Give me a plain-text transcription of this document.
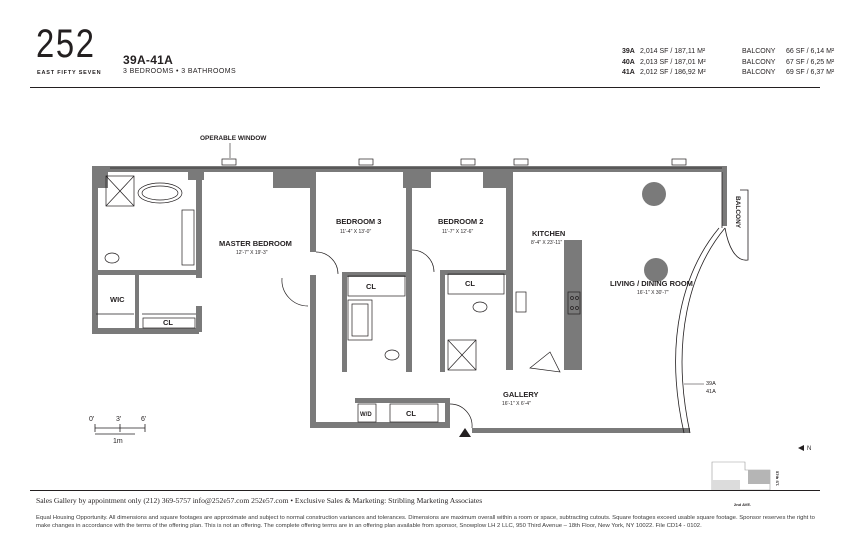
252
EAST FIFTY SEVEN
39A-41A
3 BEDROOMS • 3 BATHROOMS
39A 2,014 SF / 187,11 M²	BALCONY	66 SF / 6,14 M²
40A 2,013 SF / 187,01 M²	BALCONY	67 SF / 6,25 M²
41A 2,012 SF / 186,92 M²	BALCONY	69 SF / 6,37 M²
OPERABLE WINDOW
MASTER BEDROOM
12'-7" X 19'-3"
BEDROOM 3
11'-4" X 13'-0"
BEDROOM 2
11'-7" X 12'-6"	KITCHEN
8'-4" X 23'-11"
LIVING / DINING ROOM
16'-1" X 30'-7"
GALLERY
16'-1" X 6'-4"
WIC
CL
CL	CL
CL
W/D
BALCONY
39A
41A
0'	3'	6'
1m
N
2nd AVE.
57th ST.
Sales Gallery by appointment only (212) 369-5757 info@252e57.com 252e57.com • Exclusive Sales & Marketing: Stribling Marketing Associates
Equal Housing Opportunity. All dimensions and square footages are approximate and subject to normal construction variances and tolerances. Dimensions are maximum overall within a room or space, subtracting cutouts. Square footages exceed usable square footage. Sponsor reserves the right to make changes in accordance with the terms of the offering plan. This is not an offering. The complete offering terms are in an offering plan available from sponsor, Snowplow LH 2 LLC, 950 Third Avenue – 18th Floor, New York, NY 10022. File CD14 - 0102.
